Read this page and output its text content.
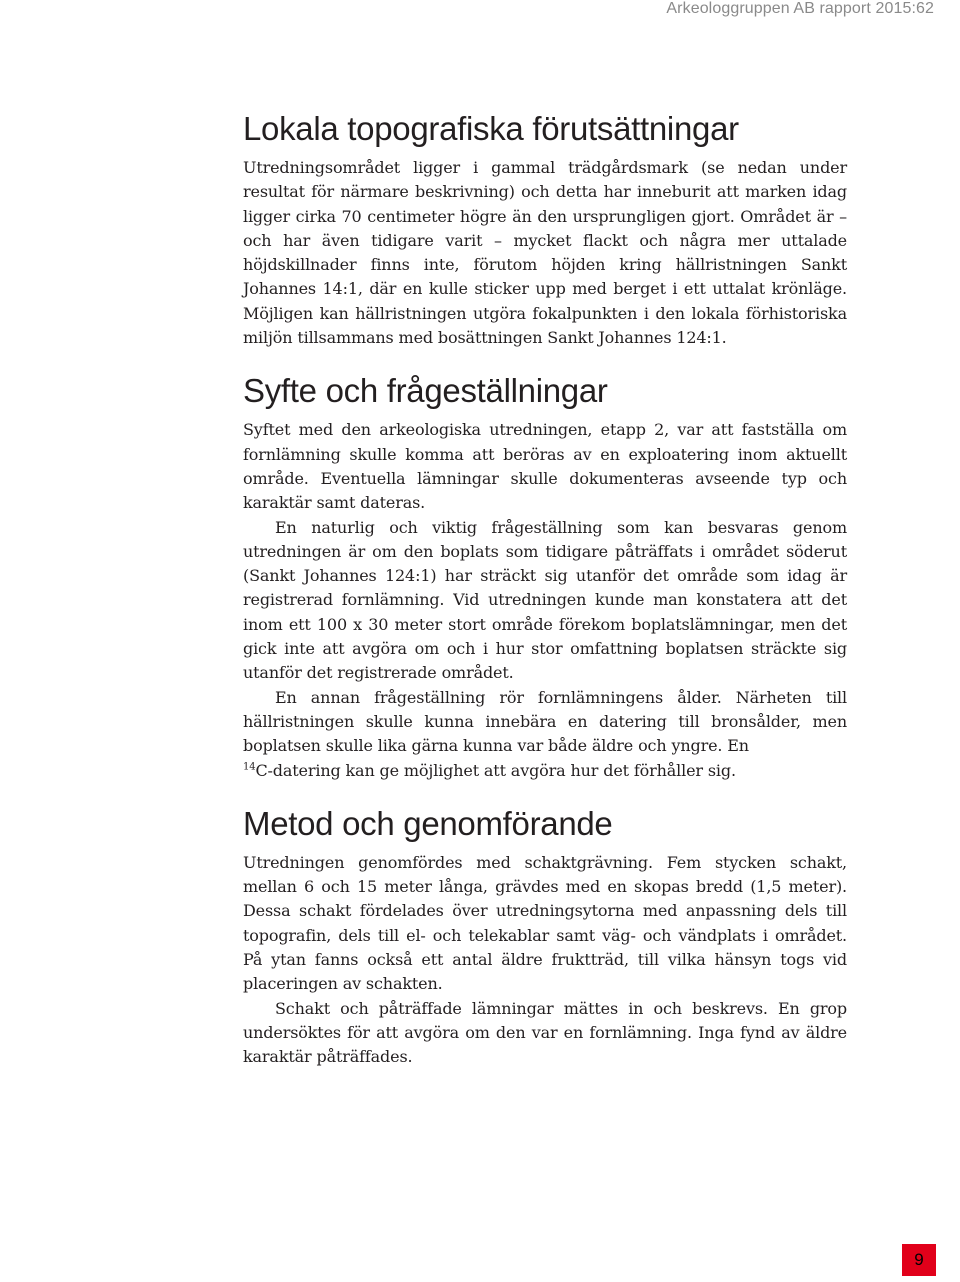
Arkeologgruppen AB rapport 2015:62
Lokala topografiska förutsättningar

Utredningsområdet ligger i gammal trädgårdsmark (se nedan under resultat för närmare beskrivning) och detta har inneburit att marken idag ligger cirka 70 centimeter högre än den ursprungligen gjort. Området är – och har även tidigare varit – mycket flackt och några mer uttalade höjdskillnader finns inte, förutom höjden kring hällristningen Sankt Johannes 14:1, där en kulle sticker upp med berget i ett uttalat krönläge. Möjligen kan hällristningen utgöra fokalpunkten i den lokala förhistoriska miljön tillsammans med bosättningen Sankt Johannes 124:1.

Syfte och frågeställningar

Syftet med den arkeologiska utredningen, etapp 2, var att fastställa om fornlämning skulle komma att beröras av en exploatering inom aktuellt område. Eventuella lämningar skulle dokumenteras avseende typ och karaktär samt dateras.

En naturlig och viktig frågeställning som kan besvaras genom utredningen är om den boplats som tidigare påträffats i området söderut (Sankt Johannes 124:1) har sträckt sig utanför det område som idag är registrerad fornlämning. Vid utredningen kunde man konstatera att det inom ett 100 x 30 meter stort område förekom boplatslämningar, men det gick inte att avgöra om och i hur stor omfattning boplatsen sträckte sig utanför det registrerade området.

En annan frågeställning rör fornlämningens ålder. Närheten till hällristningen skulle kunna innebära en datering till bronsålder, men boplatsen skulle lika gärna kunna var både äldre och yngre. En
$^{14}$C-datering kan ge möjlighet att avgöra hur det förhåller sig.

Metod och genomförande

Utredningen genomfördes med schaktgrävning. Fem stycken schakt, mellan 6 och 15 meter långa, grävdes med en skopas bredd (1,5 meter). Dessa schakt fördelades över utredningsytorna med anpassning dels till topografin, dels till el- och telekablar samt väg- och vändplats i området. På ytan fanns också ett antal äldre fruktträd, till vilka hänsyn togs vid placeringen av schakten.

Schakt och påträffade lämningar mättes in och beskrevs. En grop undersöktes för att avgöra om den var en fornlämning. Inga fynd av äldre karaktär påträffades.

9
